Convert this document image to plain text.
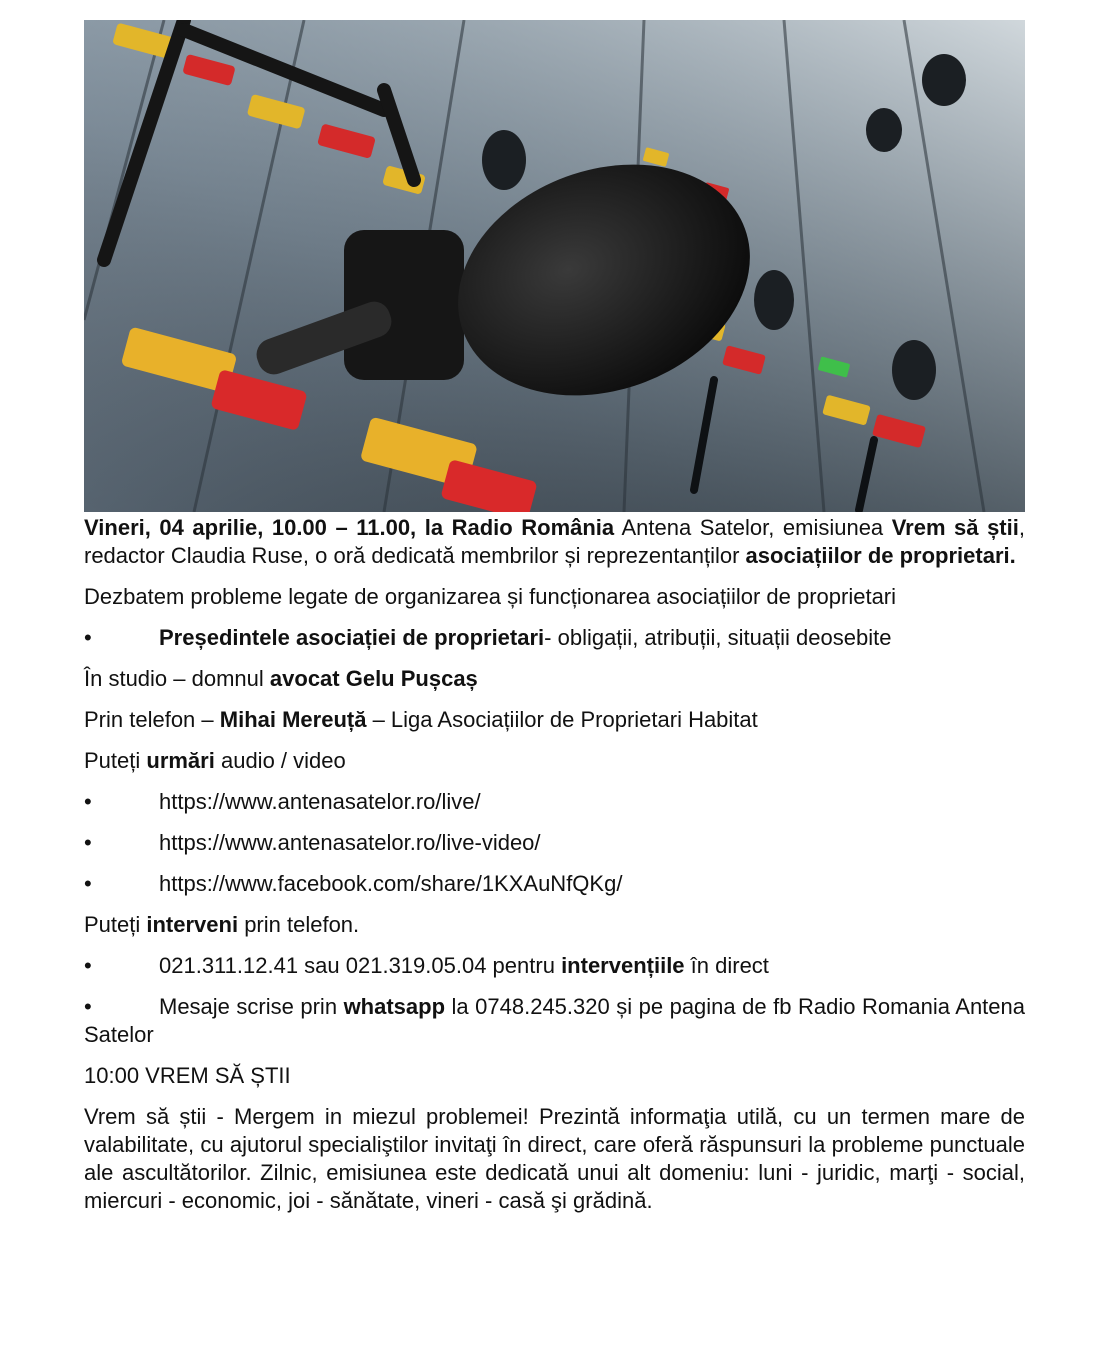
Vineri, 04 aprilie, 10.00 – 11.00, la Radio România Antena Satelor, emisiunea Vrem să știi, redactor Claudia Ruse, o oră dedicată membrilor și reprezentanților asociațiilor de proprietari.

Dezbatem probleme legate de organizarea și funcționarea asociațiilor de proprietari

•	Președintele asociației de proprietari- obligații, atribuții, situații deosebite

În studio – domnul avocat Gelu Pușcaș

Prin telefon – Mihai Mereuță – Liga Asociațiilor de Proprietari Habitat

Puteți urmări audio / video

•	https://www.antenasatelor.ro/live/

•	https://www.antenasatelor.ro/live-video/

•	https://www.facebook.com/share/1KXAuNfQKg/

Puteți interveni prin telefon.

•	021.311.12.41 sau 021.319.05.04 pentru intervențiile în direct

•	Mesaje scrise prin whatsapp la 0748.245.320 și pe pagina de fb Radio Romania Antena Satelor

10:00 VREM SĂ ȘTII

Vrem să știi - Mergem in miezul problemei! Prezintă informaţia utilă, cu un termen mare de valabilitate, cu ajutorul specialiştilor invitaţi în direct, care oferă răspunsuri la probleme punctuale ale ascultătorilor. Zilnic, emisiunea este dedicată unui alt domeniu: luni - juridic, marţi - social, miercuri - economic, joi - sănătate, vineri - casă şi grădină.
